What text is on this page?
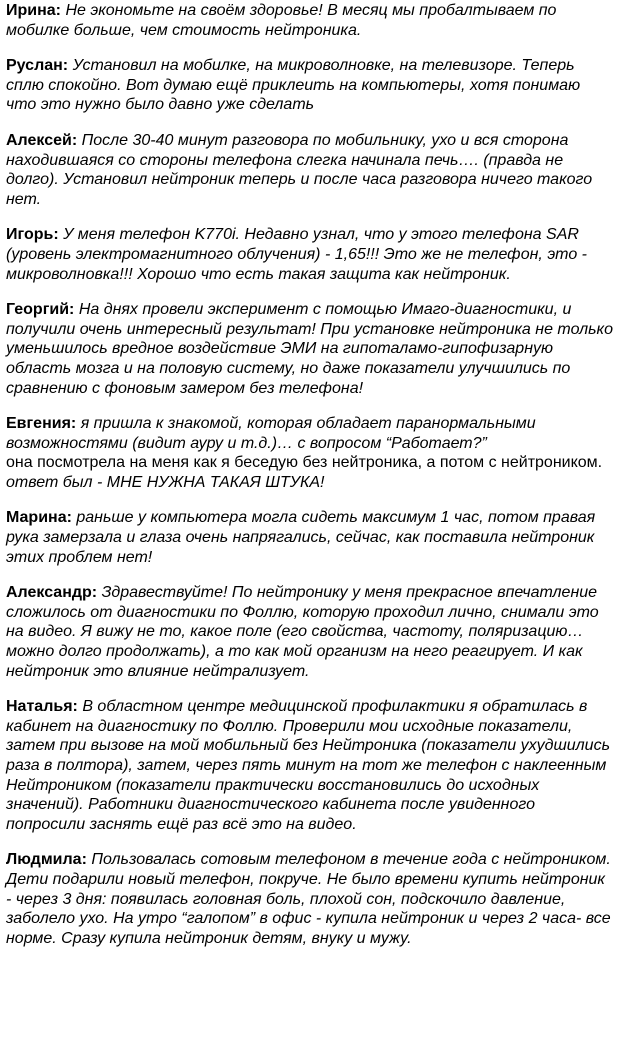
Ирина: Не экономьте на своём здоровье! В месяц мы пробалтываем по мобилке больше, чем стоимость нейтроника.

Руслан: Установил на мобилке, на микроволновке, на телевизоре. Теперь сплю спокойно. Вот думаю ещё приклеить на компьютеры, хотя понимаю что это нужно было давно уже сделать

Алексей: После 30-40 минут разговора по мобильнику, ухо и вся сторона находившаяся со стороны телефона слегка начинала печь…. (правда не долго). Установил нейтроник теперь и после часа разговора ничего такого нет.

Игорь: У меня телефон K770i. Недавно узнал, что у этого телефона SAR (уровень электромагнитного облучения) - 1,65!!! Это же не телефон, это - микроволновка!!! Хорошо что есть такая защита как нейтроник.

Георгий: На днях провели эксперимент с помощью Имаго-диагностики, и получили очень интересный результат! При установке нейтроника не только уменьшилось вредное воздействие ЭМИ на гипоталамо-гипофизарную область мозга и на половую систему, но даже показатели улучшились по сравнению с фоновым замером без телефона!

Евгения: я пришла к знакомой, которая обладает паранормальными возможностями (видит ауру и т.д.)… с вопросом “Работает?”
она посмотрела на меня как я беседую без нейтроника, а потом с нейтроником.
ответ был - МНЕ НУЖНА ТАКАЯ ШТУКА!

Марина: раньше у компьютера могла сидеть максимум 1 час, потом правая рука замерзала и глаза очень напрягались, сейчас, как поставила нейтроник этих проблем нет!

Александр: Здравествуйте! По нейтронику у меня прекрасное впечатление сложилось от диагностики по Фоллю, которую проходил лично, снимали это на видео. Я вижу не то, какое поле (его свойства, частоту, поляризацию… можно долго продолжать), а то как мой организм на него реагирует. И как нейтроник это влияние нейтрализует.

Наталья: В областном центре медицинской профилактики я обратилась в кабинет на диагностику по Фоллю. Проверили мои исходные показатели, затем при вызове на мой мобильный без Нейтроника (показатели ухудшились раза в полтора), затем, через пять минут на тот же телефон с наклеенным Нейтроником (показатели практически восстановились до исходных значений). Работники диагностического кабинета после увиденного попросили заснять ещё раз всё это на видео.

Людмила: Пользовалась сотовым телефоном в течение года с нейтроником. Дети подарили новый телефон, покруче. Не было времени купить нейтроник - через 3 дня: появилась головная боль, плохой сон, подскочило давление, заболело ухо. На утро “галопом” в офис - купила нейтроник и через 2 часа- все норме. Сразу купила нейтроник детям, внуку и мужу.
